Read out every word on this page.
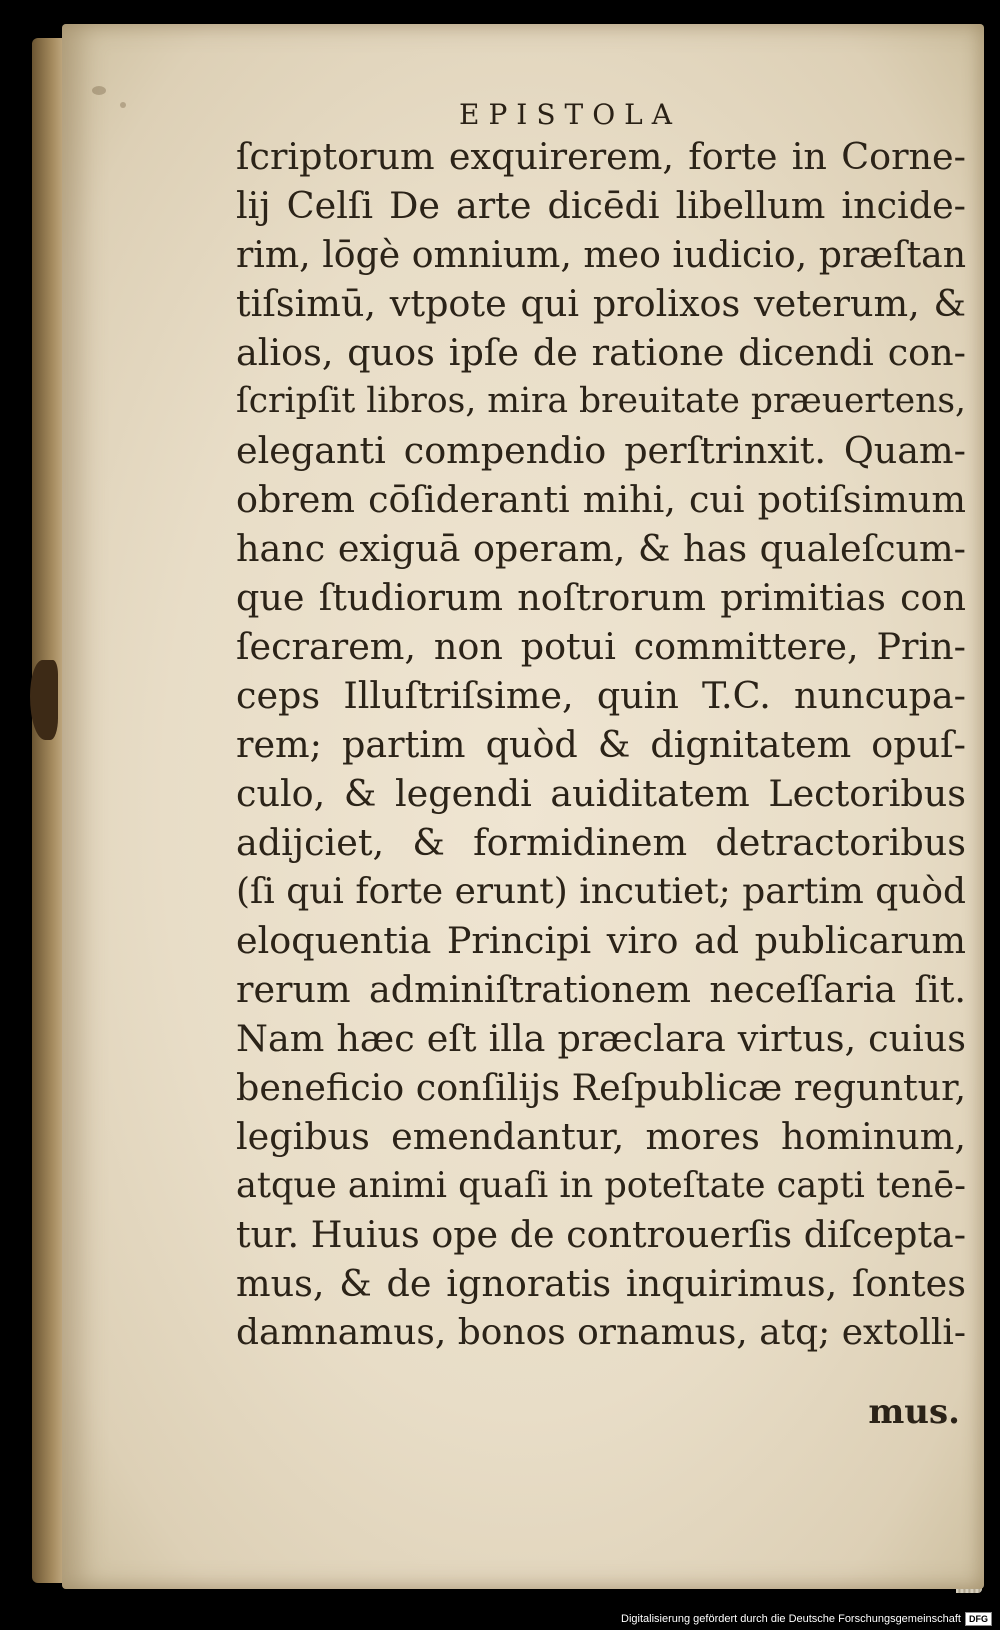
EPISTOLA
ſcriptorum exquirerem, forte in Corne-
lij Celſi De arte dicēdi libellum incide-
rim, lōgè omnium, meo iudicio, præſtan
tiſsimū, vtpote qui prolixos veterum, &
alios, quos ipſe de ratione dicendi con-
ſcripſit libros, mira breuitate præuertens,
eleganti compendio perſtrinxit. Quam-
obrem cōſideranti mihi, cui potiſsimum
hanc exiguā operam, & has qualeſcum-
que ſtudiorum noſtrorum primitias con
ſecrarem, non potui committere, Prin-
ceps Illuſtriſsime, quin T.C. nuncupa-
rem; partim quòd & dignitatem opuſ-
culo, & legendi auiditatem Lectoribus
adijciet, & formidinem detractoribus
(ſi qui forte erunt) incutiet; partim quòd
eloquentia Principi viro ad publicarum
rerum adminiſtrationem neceſſaria ſit.
Nam hæc eſt illa præclara virtus, cuius
beneficio conſilijs Reſpublicæ reguntur,
legibus emendantur, mores hominum,
atque animi quaſi in poteſtate capti tenē-
tur. Huius ope de controuerſis diſcepta-
mus, & de ignoratis inquirimus, ſontes
damnamus, bonos ornamus, atq; extolli-
mus.
Digitalisierung gefördert durch die Deutsche Forschungsgemeinschaft DFG
